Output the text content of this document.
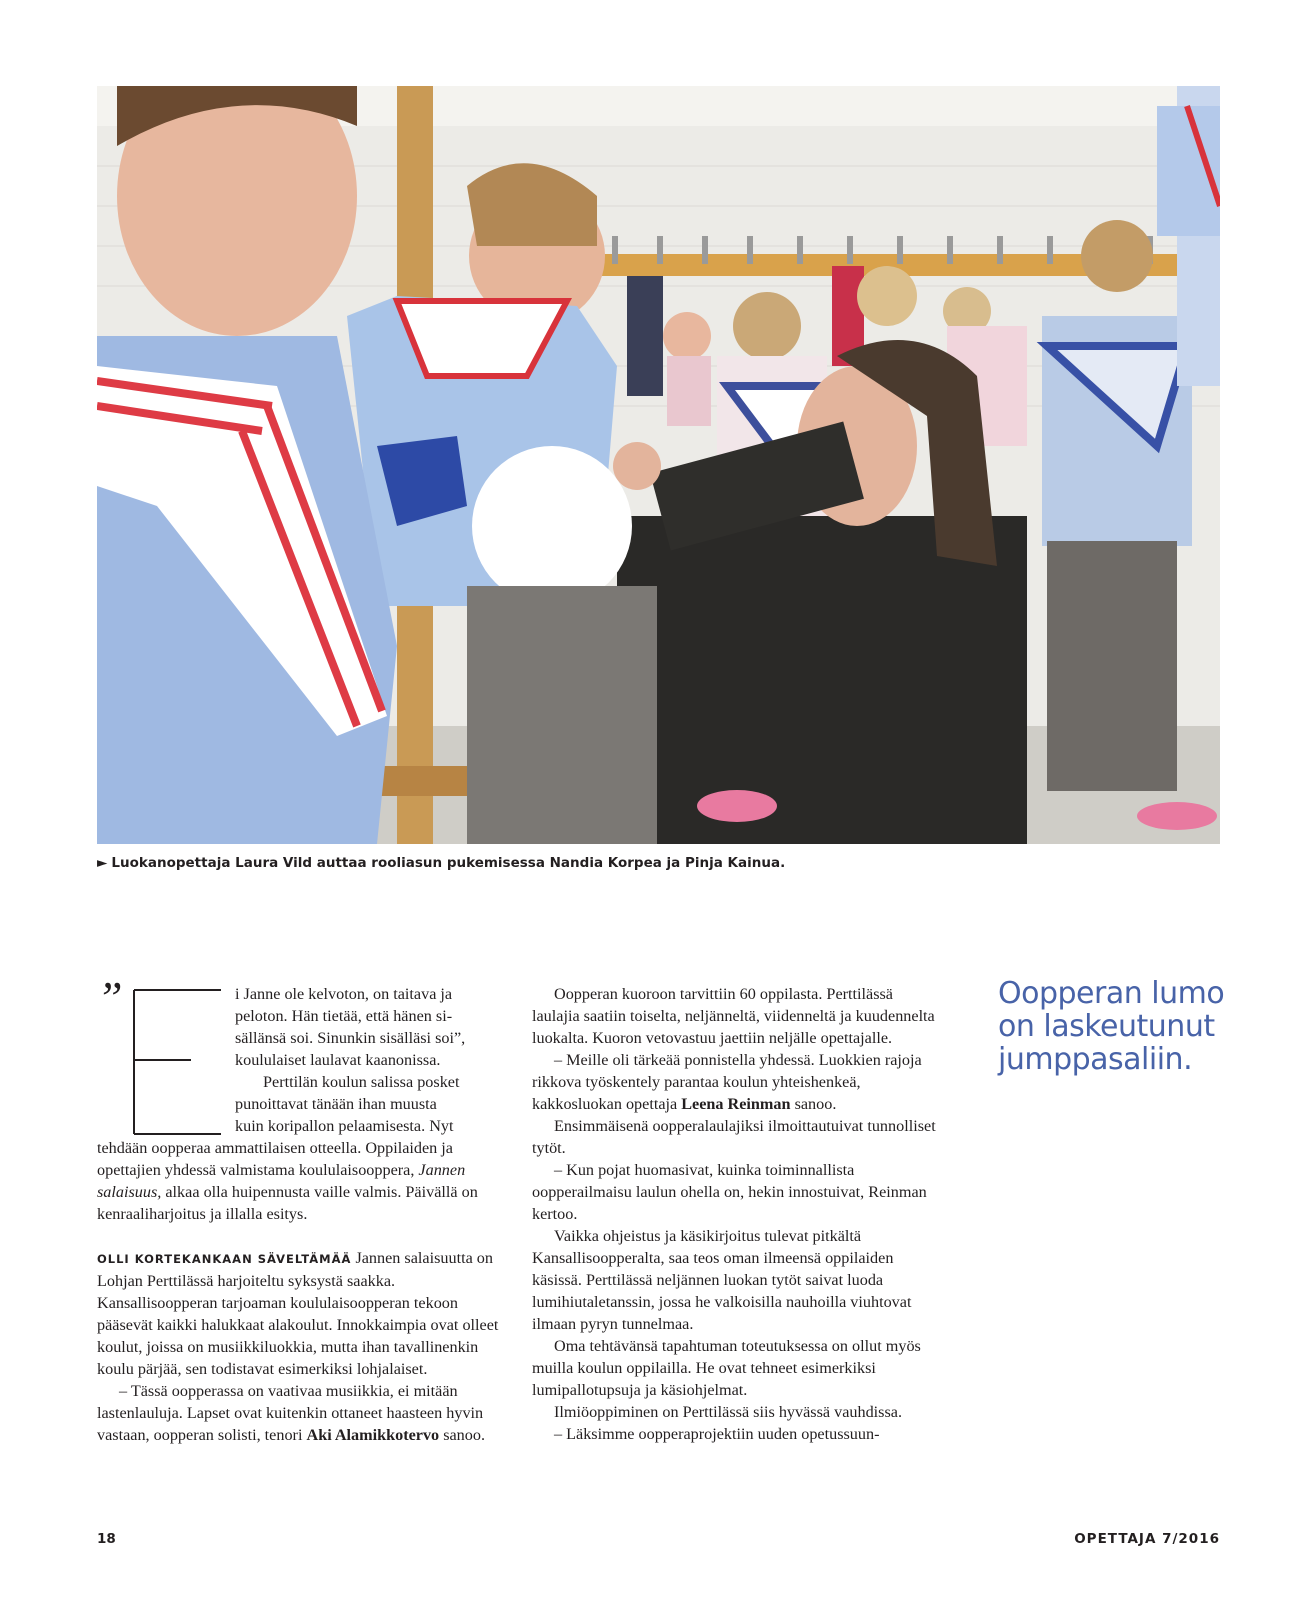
► Luokanopettaja Laura Vild auttaa rooliasun pukemisessa Nandia Korpea ja Pinja Kainua.
”	i Janne ole kelvoton, on taitava ja
peloton. Hän tietää, että hänen si-
sällänsä soi. Sinunkin sisälläsi soi”,
koululaiset laulavat kaanonissa.
Perttilän koulun salissa posket
punoittavat tänään ihan muusta
kuin koripallon pelaamisesta. Nyt

tehdään oopperaa ammattilaisen otteella. Oppilaiden ja opettajien yhdessä valmistama koululaisooppera, Jannen salaisuus, alkaa olla huipennusta vaille valmis. Päivällä on kenraaliharjoitus ja illalla esitys.

OLLI KORTEKANKAAN SÄVELTÄMÄÄ Jannen salaisuutta on Lohjan Perttilässä harjoiteltu syksystä saakka. Kansallisoopperan tarjoaman koululaisoopperan tekoon pääsevät kaikki halukkaat alakoulut. Innokkaimpia ovat olleet koulut, joissa on musiikkiluokkia, mutta ihan tavallinenkin koulu pärjää, sen todistavat esimerkiksi lohjalaiset.

– Tässä oopperassa on vaativaa musiikkia, ei mitään lastenlauluja. Lapset ovat kuitenkin ottaneet haasteen hyvin vastaan, oopperan solisti, tenori Aki Alamikkotervo sanoo.

Oopperan kuoroon tarvittiin 60 oppilasta. Perttilässä laulajia saatiin toiselta, neljänneltä, viidenneltä ja kuudennelta luokalta. Kuoron vetovastuu jaettiin neljälle opettajalle.

– Meille oli tärkeää ponnistella yhdessä. Luokkien rajoja rikkova työskentely parantaa koulun yhteishenkeä, kakkosluokan opettaja Leena Reinman sanoo.

Ensimmäisenä oopperalaulajiksi ilmoittautuivat tunnolliset tytöt.

– Kun pojat huomasivat, kuinka toiminnallista oopperailmaisu laulun ohella on, hekin innostuivat, Reinman kertoo.

Vaikka ohjeistus ja käsikirjoitus tulevat pitkältä Kansallisoopperalta, saa teos oman ilmeensä oppilaiden käsissä. Perttilässä neljännen luokan tytöt saivat luoda lumihiutaletanssin, jossa he valkoisilla nauhoilla viuhtovat ilmaan pyryn tunnelmaa.

Oma tehtävänsä tapahtuman toteutuksessa on ollut myös muilla koulun oppilailla. He ovat tehneet esimerkiksi lumipallotupsuja ja käsiohjelmat.

Ilmiöoppiminen on Perttilässä siis hyvässä vauhdissa.

– Läksimme oopperaprojektiin uuden opetussuun-

Oopperan lumo on laskeutunut jumppasaliin.
18	OPETTAJA 7/2016
